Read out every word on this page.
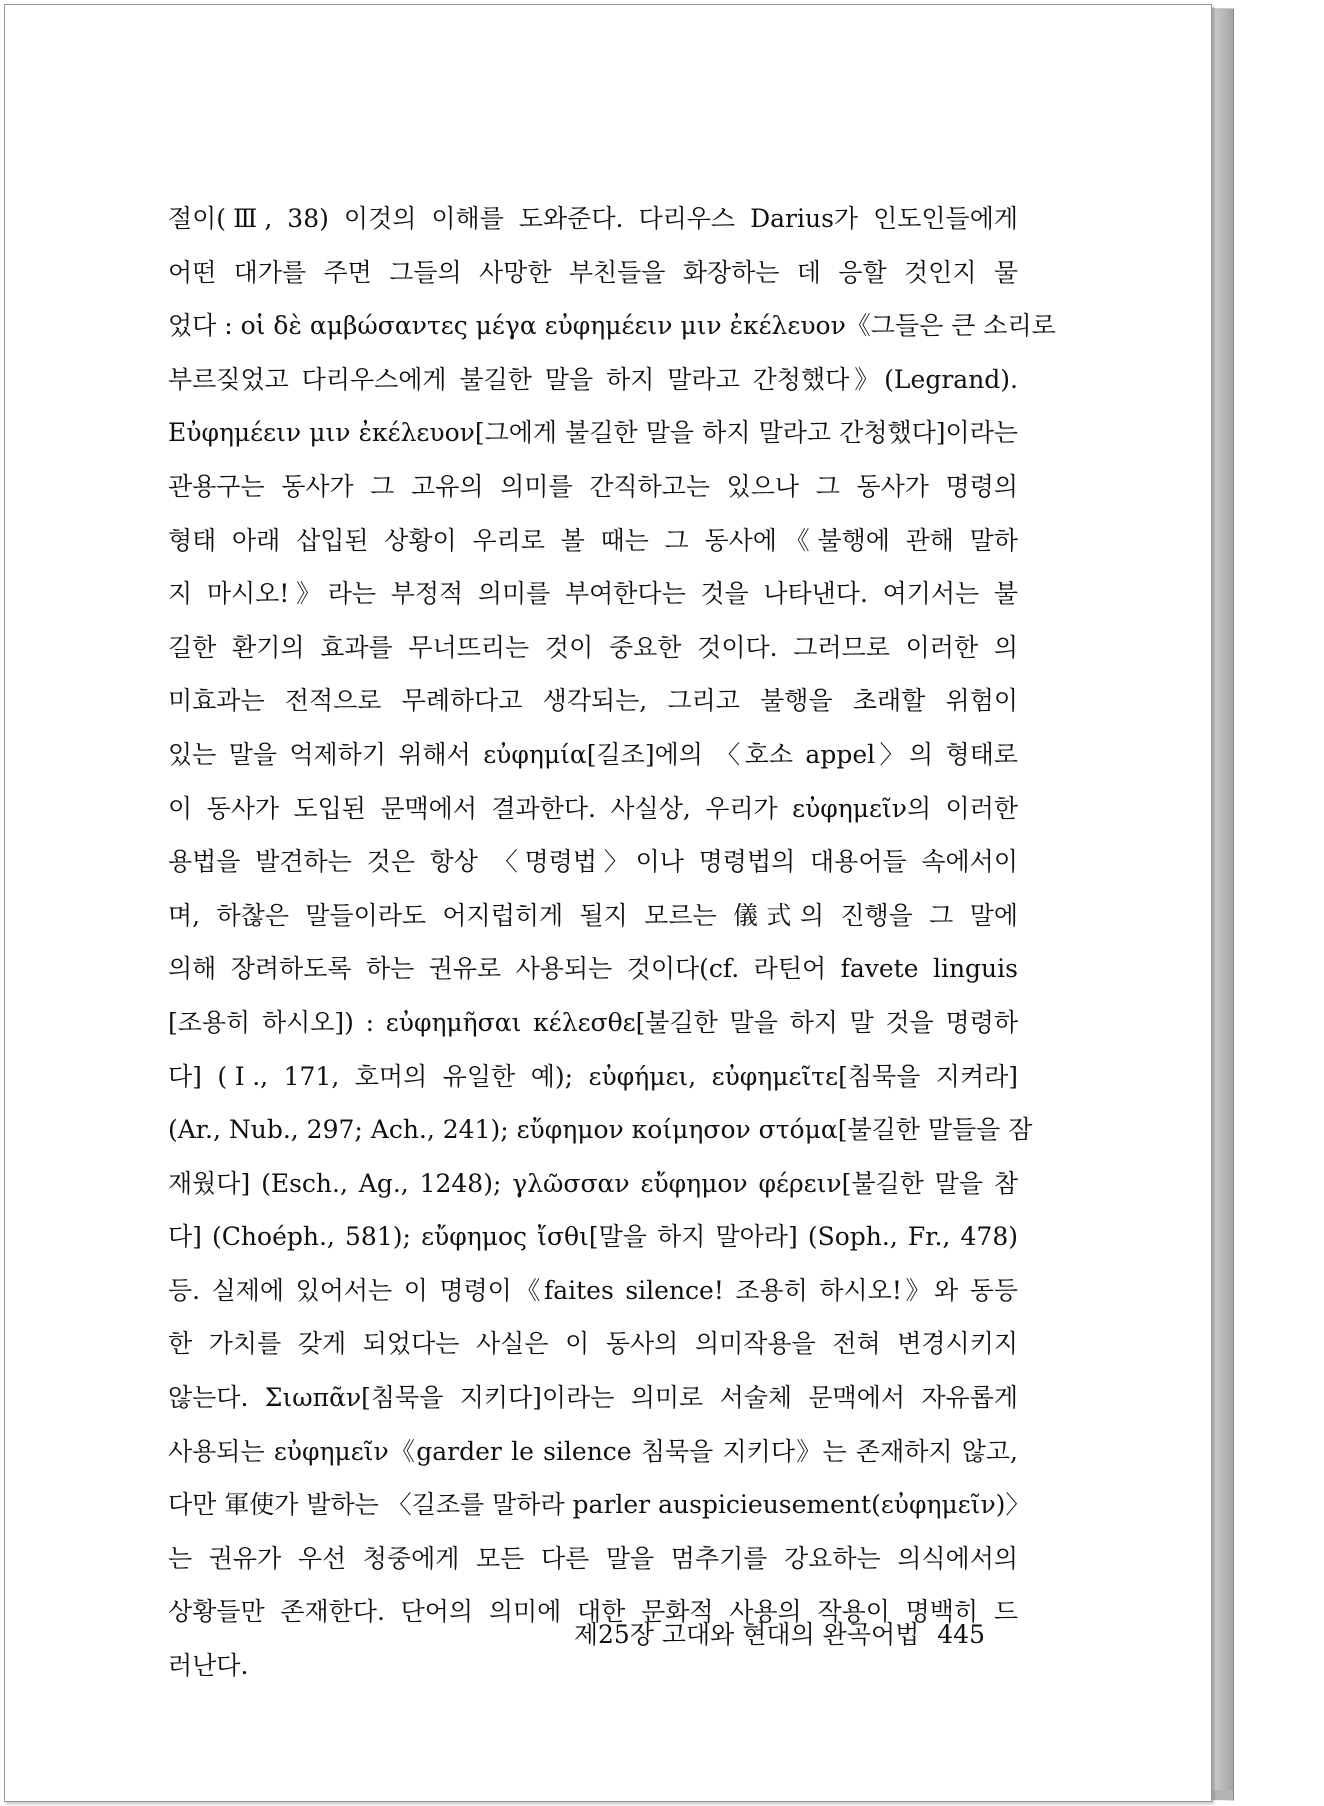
절이(Ⅲ, 38) 이것의 이해를 도와준다. 다리우스 Darius가 인도인들에게
어떤 대가를 주면 그들의 사망한 부친들을 화장하는 데 응할 것인지 물
었다 : οἱ δὲ αμβώσαντες μέγα εὐφημέειν μιν ἐκέλευον《그들은 큰 소리로
부르짖었고 다리우스에게 불길한 말을 하지 말라고 간청했다》(Legrand).
Εὐφημέειν μιν ἐκέλευον[그에게 불길한 말을 하지 말라고 간청했다]이라는
관용구는 동사가 그 고유의 의미를 간직하고는 있으나 그 동사가 명령의
형태 아래 삽입된 상황이 우리로 볼 때는 그 동사에《불행에 관해 말하
지 마시오!》라는 부정적 의미를 부여한다는 것을 나타낸다. 여기서는 불
길한 환기의 효과를 무너뜨리는 것이 중요한 것이다. 그러므로 이러한 의
미효과는 전적으로 무례하다고 생각되는, 그리고 불행을 초래할 위험이
있는 말을 억제하기 위해서 εὐφημία[길조]에의 〈호소 appel〉의 형태로
이 동사가 도입된 문맥에서 결과한다. 사실상, 우리가 εὐφημεῖν의 이러한
용법을 발견하는 것은 항상 〈명령법〉이나 명령법의 대용어들 속에서이
며, 하찮은 말들이라도 어지럽히게 될지 모르는 儀式의 진행을 그 말에
의해 장려하도록 하는 권유로 사용되는 것이다(cf. 라틴어 favete linguis
[조용히 하시오]) : εὐφημῆσαι κέλεσθε[불길한 말을 하지 말 것을 명령하
다] (Ⅰ., 171, 호머의 유일한 예); εὐφήμει, εὐφημεῖτε[침묵을 지켜라]
(Ar., Nub., 297; Ach., 241); εὔφημον κοίμησον στόμα[불길한 말들을 잠
재웠다] (Esch., Ag., 1248); γλῶσσαν εὔφημον φέρειν[불길한 말을 참
다] (Choéph., 581); εὔφημος ἴσθι[말을 하지 말아라] (Soph., Fr., 478)
등. 실제에 있어서는 이 명령이《faites silence! 조용히 하시오!》와 동등
한 가치를 갖게 되었다는 사실은 이 동사의 의미작용을 전혀 변경시키지
않는다. Σιωπᾶν[침묵을 지키다]이라는 의미로 서술체 문맥에서 자유롭게
사용되는 εὐφημεῖν《garder le silence 침묵을 지키다》는 존재하지 않고,
다만 軍使가 발하는 〈길조를 말하라 parler auspicieusement(εὐφημεῖν)〉
는 권유가 우선 청중에게 모든 다른 말을 멈추기를 강요하는 의식에서의
상황들만 존재한다. 단어의 의미에 대한 문화적 사용의 작용이 명백히 드
러난다.
제25장 고대와 현대의 완곡어법 445
